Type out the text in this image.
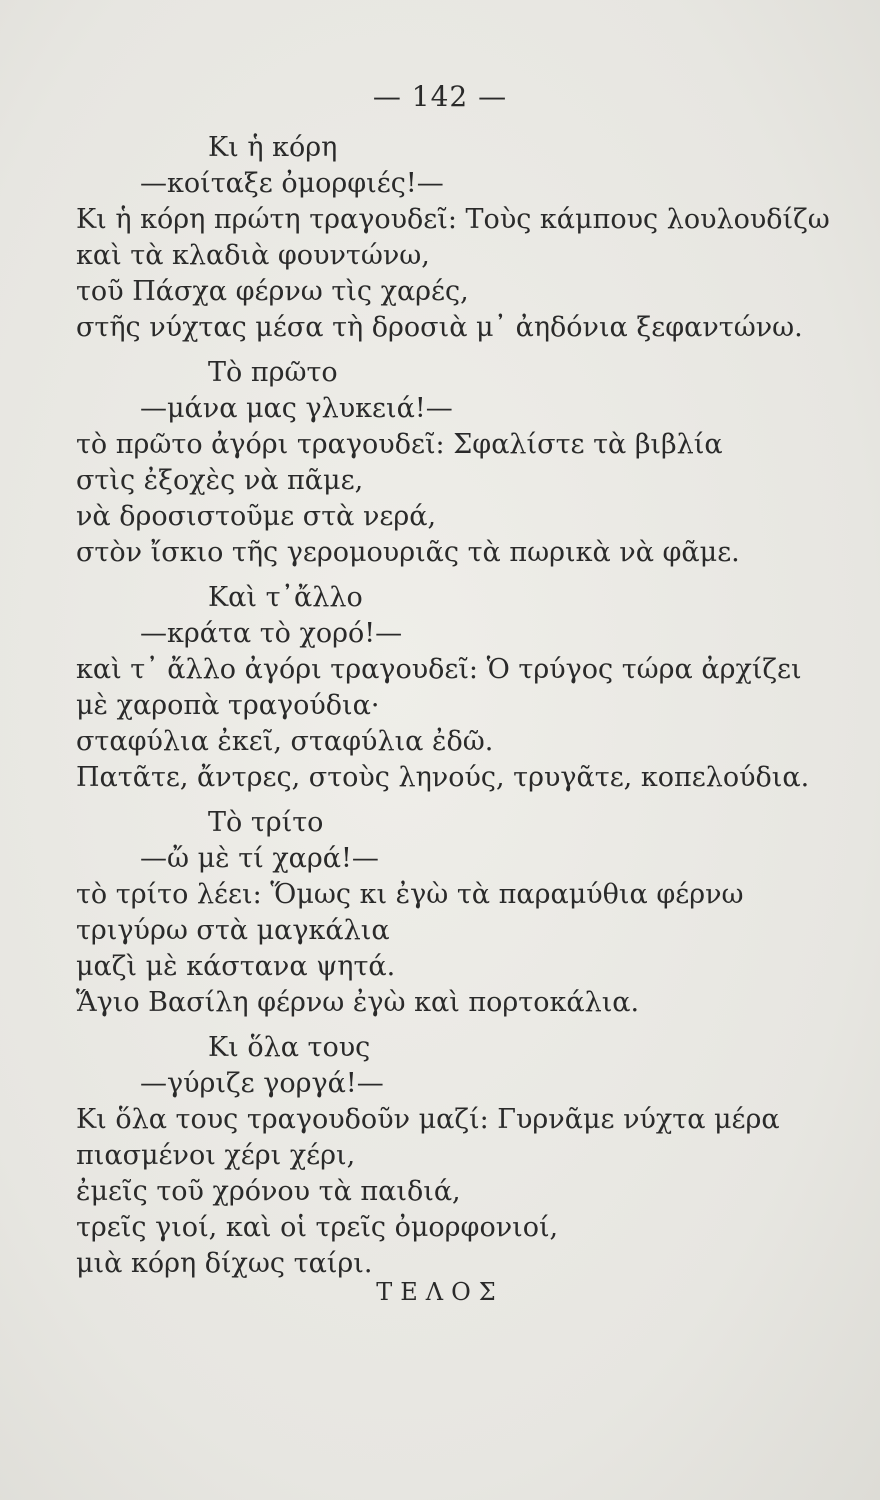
— 142 —
Κι ἡ κόρη
—κοίταξε ὀμορφιές!—
Κι ἡ κόρη πρώτη τραγουδεῖ: Τοὺς κάμπους λουλουδίζω
καὶ τὰ κλαδιὰ φουντώνω,
τοῦ Πάσχα φέρνω τὶς χαρές,
στῆς νύχτας μέσα τὴ δροσιὰ μ᾽ ἀηδόνια ξεφαντώνω.
Τὸ πρῶτο
—μάνα μας γλυκειά!—
τὸ πρῶτο ἀγόρι τραγουδεῖ: Σφαλίστε τὰ βιβλία
στὶς ἐξοχὲς νὰ πᾶμε,
νὰ δροσιστοῦμε στὰ νερά,
στὸν ἴσκιο τῆς γερομουριᾶς τὰ πωρικὰ νὰ φᾶμε.
Καὶ τ᾽ἄλλο
—κράτα τὸ χορό!—
καὶ τ᾽ ἄλλο ἀγόρι τραγουδεῖ: Ὁ τρύγος τώρα ἀρχίζει
μὲ χαροπὰ τραγούδια·
σταφύλια ἐκεῖ, σταφύλια ἐδῶ.
Πατᾶτε, ἄντρες, στοὺς ληνούς, τρυγᾶτε, κοπελούδια.
Τὸ τρίτο
—ὤ μὲ τί χαρά!—
τὸ τρίτο λέει: Ὅμως κι ἐγὼ τὰ παραμύθια φέρνω
τριγύρω στὰ μαγκάλια
μαζὶ μὲ κάστανα ψητά.
Ἅγιο Βασίλη φέρνω ἐγὼ καὶ πορτοκάλια.
Κι ὅλα τους
—γύριζε γοργά!—
Κι ὅλα τους τραγουδοῦν μαζί: Γυρνᾶμε νύχτα μέρα
πιασμένοι χέρι χέρι,
ἐμεῖς τοῦ χρόνου τὰ παιδιά,
τρεῖς γιοί, καὶ οἱ τρεῖς ὀμορφονιοί,
μιὰ κόρη δίχως ταίρι.
ΤΕΛΟΣ
